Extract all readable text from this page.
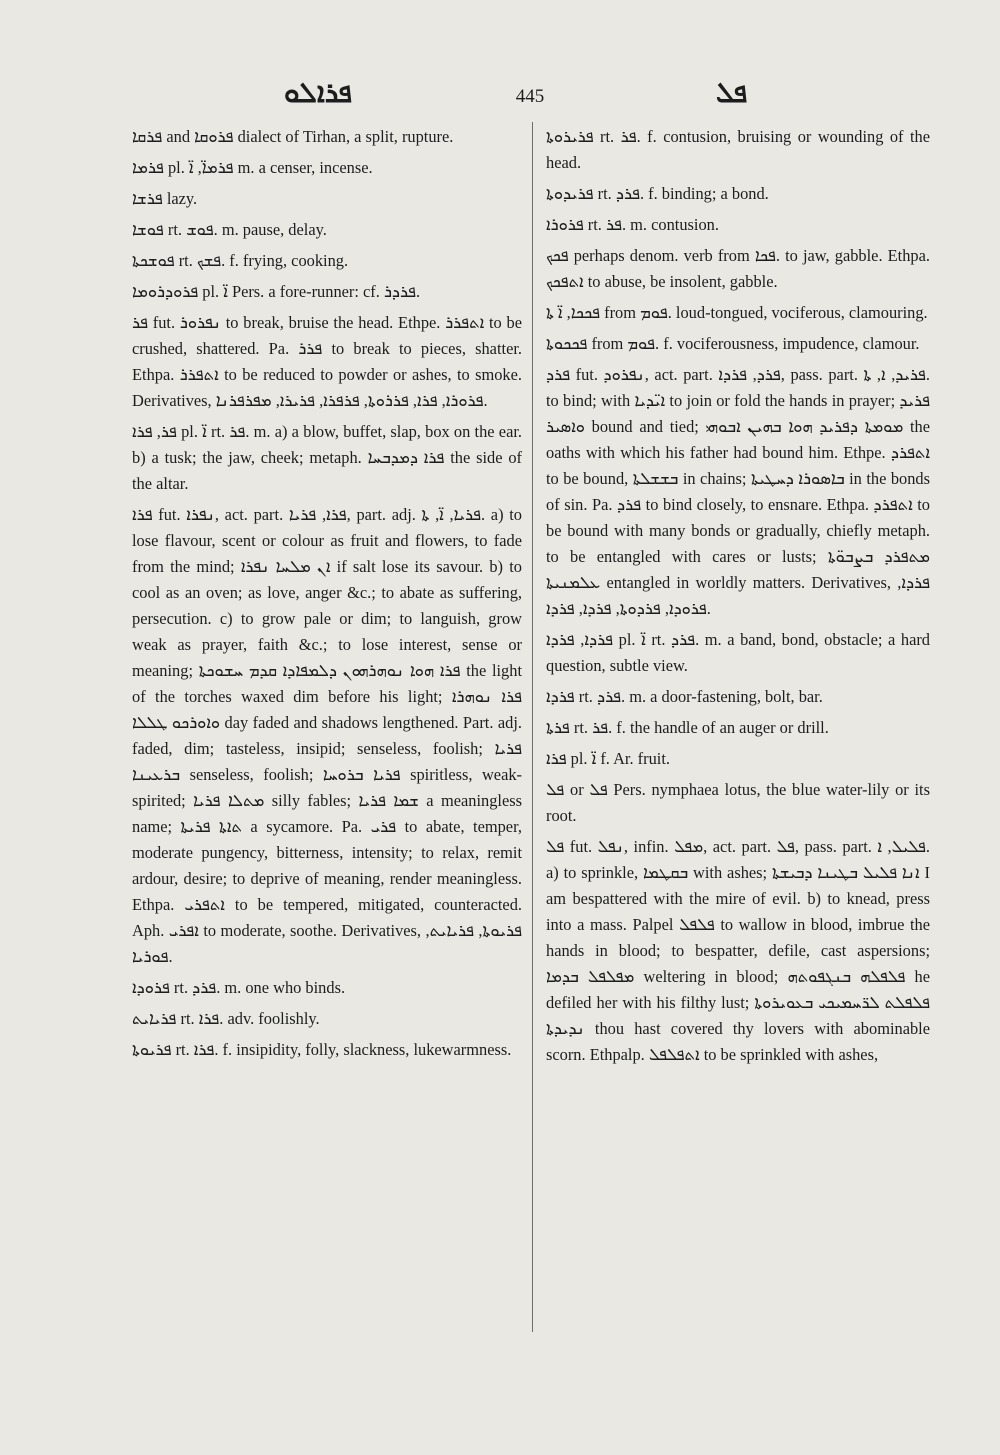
ܦܪܐܠܘ	445	ܦܠ

ܦܪܩܐ and ܦܪܘܩܐ dialect of Tirhan, a split, rupture.

ܦܪܡܐ pl. ܦܪܡܐ̈, ܐ̈ m. a censer, incense.

ܦܪܫܐ lazy.

ܦܘܫܐ rt. ܦܘܫ. m. pause, delay.

ܦܘܫܟܬܐ rt. ܦܫܟ. f. frying, cooking.

ܦܪܘܕܪܘܡܐ pl. ܐ̈ Pers. a fore-runner: cf. ܦܪܕܪ.

ܦܪ fut. ܢܦܪܘܪ to break, bruise the head. Ethpe. ܐܬܦܪܪ to be crushed, shattered. Pa. ܦܪܪ to break to pieces, shatter. Ethpa. ܐܬܦܪܪ to be reduced to powder or ashes, to smoke. Derivatives, ܦܪܘܪܐ, ܦܪܐ, ܦܪܪܘܬܐ, ܦܪܦܪܐ, ܦܪܝܪܐ, ܡܦܪܦܪܢܐ.

ܦܪ, ܦܪܐ pl. ܐ̈ rt. ܦܪ. m. a) a blow, buffet, slap, box on the ear. b) a tusk; the jaw, cheek; metaph. ܦܪܐ ܕܡܕܒܚܐ the side of the altar.

ܦܪܐ fut. ܢܦܪܐ, act. part. ܦܪܐ, ܦܪܝܐ, part. adj. ܦܪܝܐ, ܐ̈, ܬܐ. a) to lose flavour, scent or colour as fruit and flowers, to fade from the mind; ܐܢ ܡܠܚܐ ܢܦܪܐ if salt lose its savour. b) to cool as an oven; as love, anger &c.; to abate as suffering, persecution. c) to grow pale or dim; to languish, grow weak as prayer, faith &c.; to lose interest, sense or meaning; ܦܪܐ ܗܘܐ ܢܘܗܪܗܘܢ ܕܠܡܦܐܕܐ ܩܕܡ ܚܫܘܟܬܐ the light of the torches waxed dim before his light; ܦܪܐ ܢܘܗܪܐ ܘܐܘܪܟܘ ܛܠܠܐ day faded and shadows lengthened. Part. adj. faded, dim; tasteless, insipid; senseless, foolish; ܦܪܝܐ ܒܪܥܝܢܐ senseless, foolish; ܦܪܝܐ ܒܪܘܚܐ spiritless, weak-spirited; ܡܬܠܐ ܦܪܝܐ silly fables; ܫܡܐ ܦܪܝܐ a meaningless name; ܬܐܬܐ ܦܪܝܬܐ a sycamore. Pa. ܦܪܝ to abate, temper, moderate pungency, bitterness, intensity; to relax, remit ardour, desire; to deprive of meaning, render meaningless. Ethpa. ܐܬܦܪܝ to be tempered, mitigated, counteracted. Aph. ܐܦܪܝ to moderate, soothe. Derivatives, ܦܪܝܘܬܐ, ܦܪܝܐܝܬ, ܦܘܪܝܐ.

ܦܪܘܕܐ rt. ܦܪܕ. m. one who binds.

ܦܪܝܐܝܬ rt. ܦܪܐ. adv. foolishly.

ܦܪܝܘܬܐ rt. ܦܪܐ. f. insipidity, folly, slackness, lukewarmness.

ܦܪܝܪܘܬܐ rt. ܦܪ. f. contusion, bruising or wounding of the head.

ܦܪܝܕܘܬܐ rt. ܦܪܕ. f. binding; a bond.

ܦܪܘܪܐ rt. ܦܪ. m. contusion.

ܦܟܟ perhaps denom. verb from ܦܟܐ. to jaw, gabble. Ethpa. ܐܬܦܟܟ to abuse, be insolent, gabble.

ܦܟܟܐ, ܐ̈ ܬܐ from ܦܘܡ. loud-tongued, vociferous, clamouring.

ܦܟܟܘܬܐ from ܦܘܡ. f. vociferousness, impudence, clamour.

ܦܪܕ fut. ܢܦܪܘܕ, act. part. ܦܪܕ, ܦܪܕܐ, pass. part. ܦܪܝܕ, ܐ, ܬܐ. to bind; with ܐܝ̈ܕܝܐ to join or fold the hands in prayer; ܦܪܝܕ ܘܐܣܝܪ bound and tied; ܡܘܡܬܐ ܕܦܪܝܕ ܗܘܐ ܒܗܝܢ ܐܒܘܗܝ the oaths with which his father had bound him. Ethpe. ܐܬܦܪܕ to be bound, ܒܫܫܠܬܐ in chains; ܒܐܣܘܪܐ ܕܚܛܝܬܐ in the bonds of sin. Pa. ܦܪܕ to bind closely, to ensnare. Ethpa. ܐܬܦܪܕ to be bound with many bonds or gradually, chiefly metaph. to be entangled with cares or lusts; ܡܬܦܪܕ ܒܨܒܘ̈ܬܐ ܥܠܡܢܝܬܐ entangled in worldly matters. Derivatives, ܦܪܕܐ, ܦܪܘܕܐ, ܦܪܕܘܬܐ, ܦܪܕܐ, ܦܪܕܐ.

ܦܪܕܐ, ܦܪܕܐ pl. ܐ̈ rt. ܦܪܕ. m. a band, bond, obstacle; a hard question, subtle view.

ܦܪܕܐ rt. ܦܪܕ. m. a door-fastening, bolt, bar.

ܦܪܬܐ rt. ܦܪ. f. the handle of an auger or drill.

ܦܪܐ pl. ܐ̈ f. Ar. fruit.

ܦܠ or ܦܠ Pers. nymphaea lotus, the blue water-lily or its root.

ܦܠ fut. ܢܦܠ, infin. ܡܦܠ, act. part. ܦܠ, pass. part. ܦܠܝܠ, ܐ. a) to sprinkle, ܒܩܛܡܐ with ashes; ܐܢܐ ܦܠܝܠ ܒܛܝܢܐ ܕܒܝܫܬܐ I am bespattered with the mire of evil. b) to knead, press into a mass. Palpel ܦܠܦܠ to wallow in blood, imbrue the hands in blood; to bespatter, defile, cast aspersions; ܡܦܠܦܠ ܒܕܡܐ weltering in blood; ܦܠܦܠܗ ܒܢܓܦܘܬܗ he defiled her with his filthy lust; ܦܠܦܠܬ ܠܪ̈ܚܡܝܟܝ ܒܥܘܝܪܘܬܐ ܢܕܝܕܬܐ thou hast covered thy lovers with abominable scorn. Ethpalp. ܐܬܦܠܦܠ to be sprinkled with ashes,
